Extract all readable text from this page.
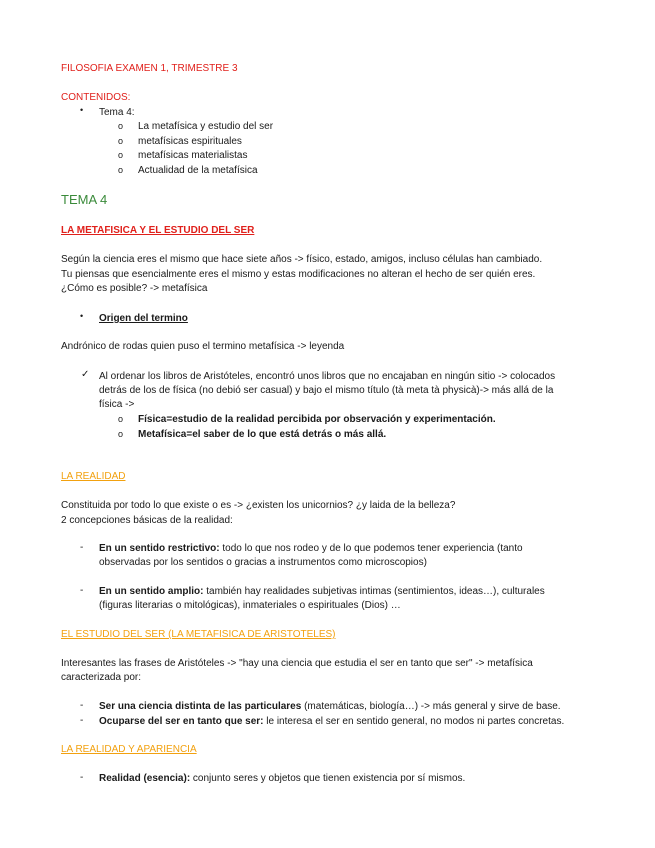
FILOSOFIA EXAMEN 1, TRIMESTRE 3
CONTENIDOS:
• Tema 4:
o La metafísica y estudio del ser
o metafísicas espirituales
o metafísicas materialistas
o Actualidad de la metafísica
TEMA 4
LA METAFISICA Y EL ESTUDIO DEL SER
Según la ciencia eres el mismo que hace siete años -> físico, estado, amigos, incluso células han cambiado.
Tu piensas que esencialmente eres el mismo y estas modificaciones no alteran el hecho de ser quién eres.
¿Cómo es posible? -> metafísica
• Origen del termino
Andrónico de rodas quien puso el termino metafísica -> leyenda
✓ Al ordenar los libros de Aristóteles, encontró unos libros que no encajaban en ningún sitio -> colocados
detrás de los de física (no debió ser casual) y bajo el mismo título (tà meta tà physicà)-> más allá de la
física ->
o Física=estudio de la realidad percibida por observación y experimentación.
o Metafísica=el saber de lo que está detrás o más allá.
LA REALIDAD
Constituida por todo lo que existe o es -> ¿existen los unicornios? ¿y laida de la belleza?
2 concepciones básicas de la realidad:
- En un sentido restrictivo: todo lo que nos rodeo y de lo que podemos tener experiencia (tanto
observadas por los sentidos o gracias a instrumentos como microscopios)
- En un sentido amplio: también hay realidades subjetivas intimas (sentimientos, ideas…), culturales
(figuras literarias o mitológicas), inmateriales o espirituales (Dios) …
EL ESTUDIO DEL SER (LA METAFISICA DE ARISTOTELES)
Interesantes las frases de Aristóteles -> "hay una ciencia que estudia el ser en tanto que ser" -> metafísica
caracterizada por:
- Ser una ciencia distinta de las particulares (matemáticas, biología…) -> más general y sirve de base.
- Ocuparse del ser en tanto que ser: le interesa el ser en sentido general, no modos ni partes concretas.
LA REALIDAD Y APARIENCIA
- Realidad (esencia): conjunto seres y objetos que tienen existencia por sí mismos.
